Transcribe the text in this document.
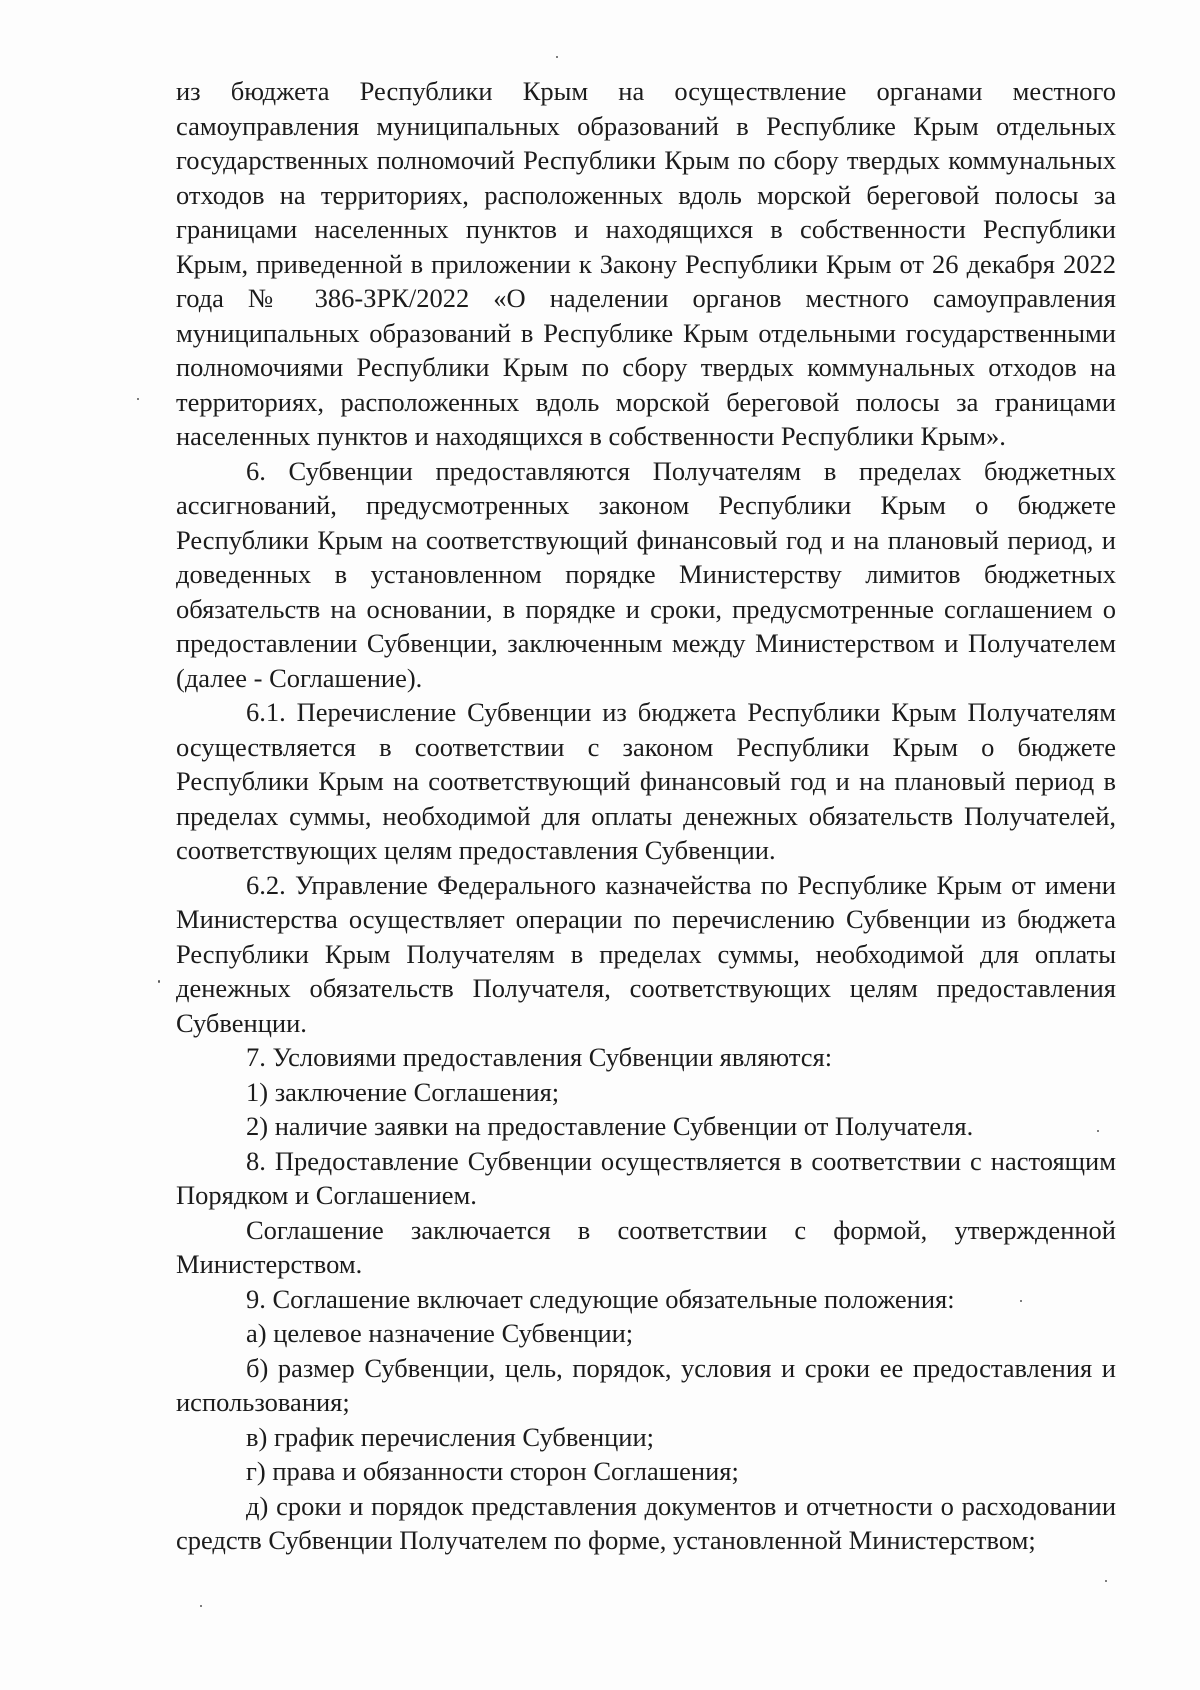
из бюджета Республики Крым на осуществление органами местного самоуправления муниципальных образований в Республике Крым отдельных государственных полномочий Республики Крым по сбору твердых коммунальных отходов на территориях, расположенных вдоль морской береговой полосы за границами населенных пунктов и находящихся в собственности Республики Крым, приведенной в приложении к Закону Республики Крым от 26 декабря 2022 года № 386-ЗРК/2022 «О наделении органов местного самоуправления муниципальных образований в Республике Крым отдельными государственными полномочиями Республики Крым по сбору твердых коммунальных отходов на территориях, расположенных вдоль морской береговой полосы за границами населенных пунктов и находящихся в собственности Республики Крым».

6. Субвенции предоставляются Получателям в пределах бюджетных ассигнований, предусмотренных законом Республики Крым о бюджете Республики Крым на соответствующий финансовый год и на плановый период, и доведенных в установленном порядке Министерству лимитов бюджетных обязательств на основании, в порядке и сроки, предусмотренные соглашением о предоставлении Субвенции, заключенным между Министерством и Получателем (далее - Соглашение).

6.1. Перечисление Субвенции из бюджета Республики Крым Получателям осуществляется в соответствии с законом Республики Крым о бюджете Республики Крым на соответствующий финансовый год и на плановый период в пределах суммы, необходимой для оплаты денежных обязательств Получателей, соответствующих целям предоставления Субвенции.

6.2. Управление Федерального казначейства по Республике Крым от имени Министерства осуществляет операции по перечислению Субвенции из бюджета Республики Крым Получателям в пределах суммы, необходимой для оплаты денежных обязательств Получателя, соответствующих целям предоставления Субвенции.

7. Условиями предоставления Субвенции являются:

1) заключение Соглашения;

2) наличие заявки на предоставление Субвенции от Получателя.

8. Предоставление Субвенции осуществляется в соответствии с настоящим Порядком и Соглашением.

Соглашение заключается в соответствии с формой, утвержденной Министерством.

9. Соглашение включает следующие обязательные положения:

а) целевое назначение Субвенции;

б) размер Субвенции, цель, порядок, условия и сроки ее предоставления и использования;

в) график перечисления Субвенции;

г) права и обязанности сторон Соглашения;

д) сроки и порядок представления документов и отчетности о расходовании средств Субвенции Получателем по форме, установленной Министерством;
